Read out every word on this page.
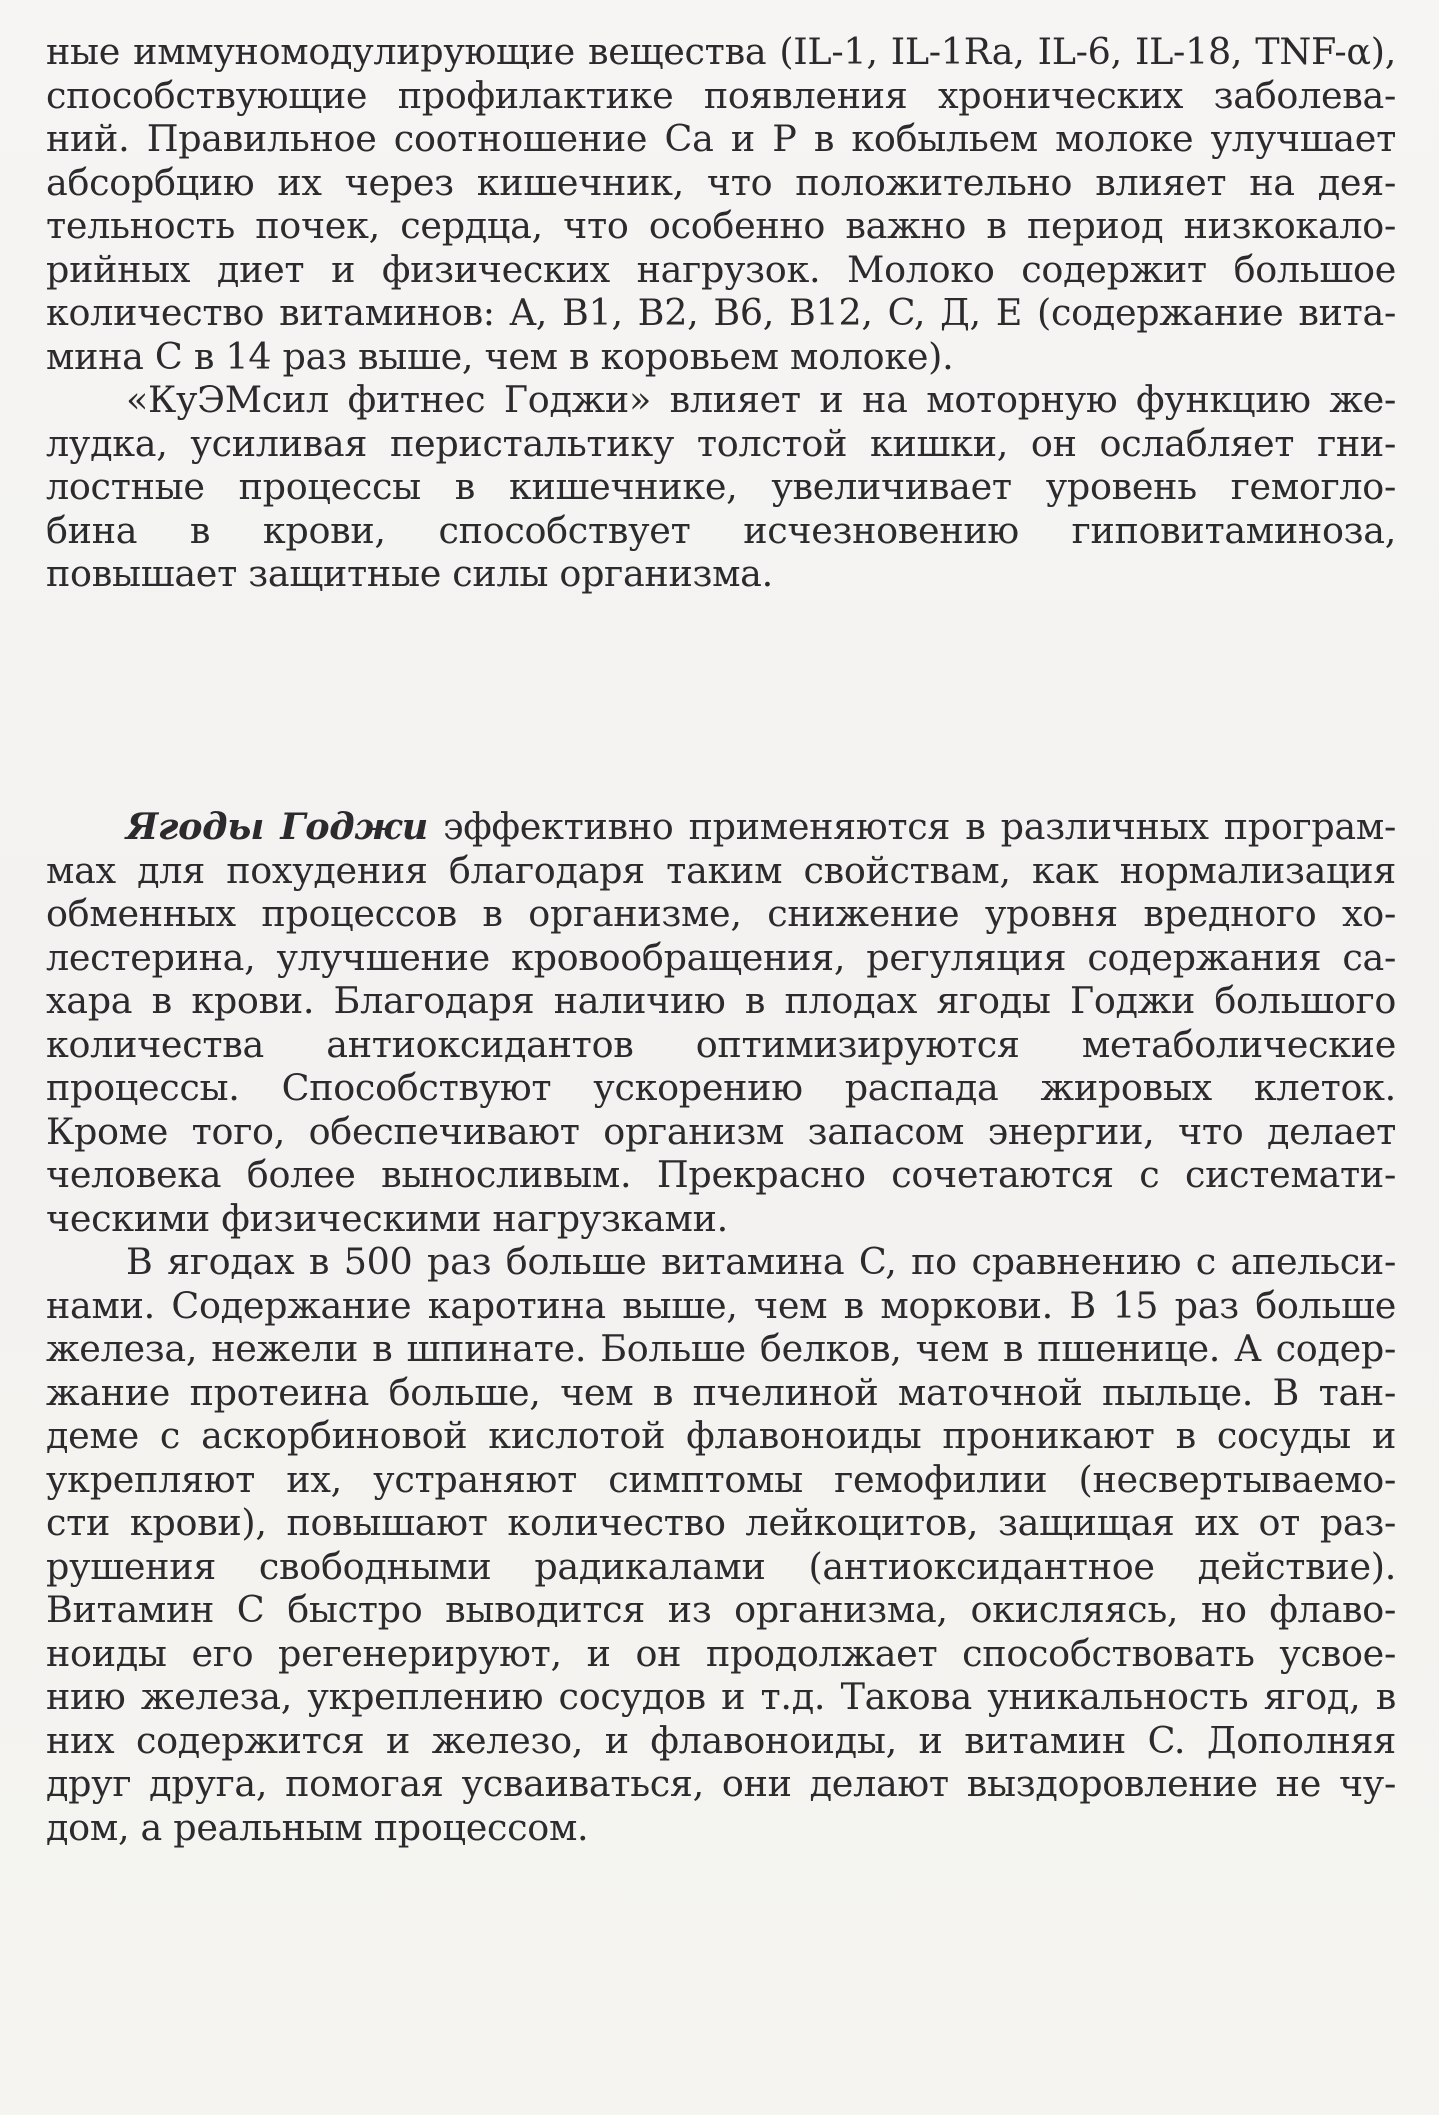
ные иммуномодулирующие вещества (IL-1, IL-1Ra, IL-6, IL-18, TNF-α),
способствующие профилактике появления хронических заболева-
ний. Правильное соотношение Ca и P в кобыльем молоке улучшает
абсорбцию их через кишечник, что положительно влияет на дея-
тельность почек, сердца, что особенно важно в период низкокало-
рийных диет и физических нагрузок. Молоко содержит большое
количество витаминов: A, B1, B2, B6, B12, C, Д, E (содержание вита-
мина C в 14 раз выше, чем в коровьем молоке).
«КуЭМсил фитнес Годжи» влияет и на моторную функцию же-
лудка, усиливая перистальтику толстой кишки, он ослабляет гни-
лостные процессы в кишечнике, увеличивает уровень гемогло-
бина в крови, способствует исчезновению гиповитаминоза,
повышает защитные силы организма.
Ягоды Годжи эффективно применяются в различных програм-
мах для похудения благодаря таким свойствам, как нормализация
обменных процессов в организме, снижение уровня вредного хо-
лестерина, улучшение кровообращения, регуляция содержания са-
хара в крови. Благодаря наличию в плодах ягоды Годжи большого
количества антиоксидантов оптимизируются метаболические
процессы. Способствуют ускорению распада жировых клеток.
Кроме того, обеспечивают организм запасом энергии, что делает
человека более выносливым. Прекрасно сочетаются с системати-
ческими физическими нагрузками.
В ягодах в 500 раз больше витамина C, по сравнению с апельси-
нами. Содержание каротина выше, чем в моркови. В 15 раз больше
железа, нежели в шпинате. Больше белков, чем в пшенице. А содер-
жание протеина больше, чем в пчелиной маточной пыльце. В тан-
деме с аскорбиновой кислотой флавоноиды проникают в сосуды и
укрепляют их, устраняют симптомы гемофилии (несвертываемо-
сти крови), повышают количество лейкоцитов, защищая их от раз-
рушения свободными радикалами (антиоксидантное действие).
Витамин C быстро выводится из организма, окисляясь, но флаво-
ноиды его регенерируют, и он продолжает способствовать усвое-
нию железа, укреплению сосудов и т.д. Такова уникальность ягод, в
них содержится и железо, и флавоноиды, и витамин C. Дополняя
друг друга, помогая усваиваться, они делают выздоровление не чу-
дом, а реальным процессом.
